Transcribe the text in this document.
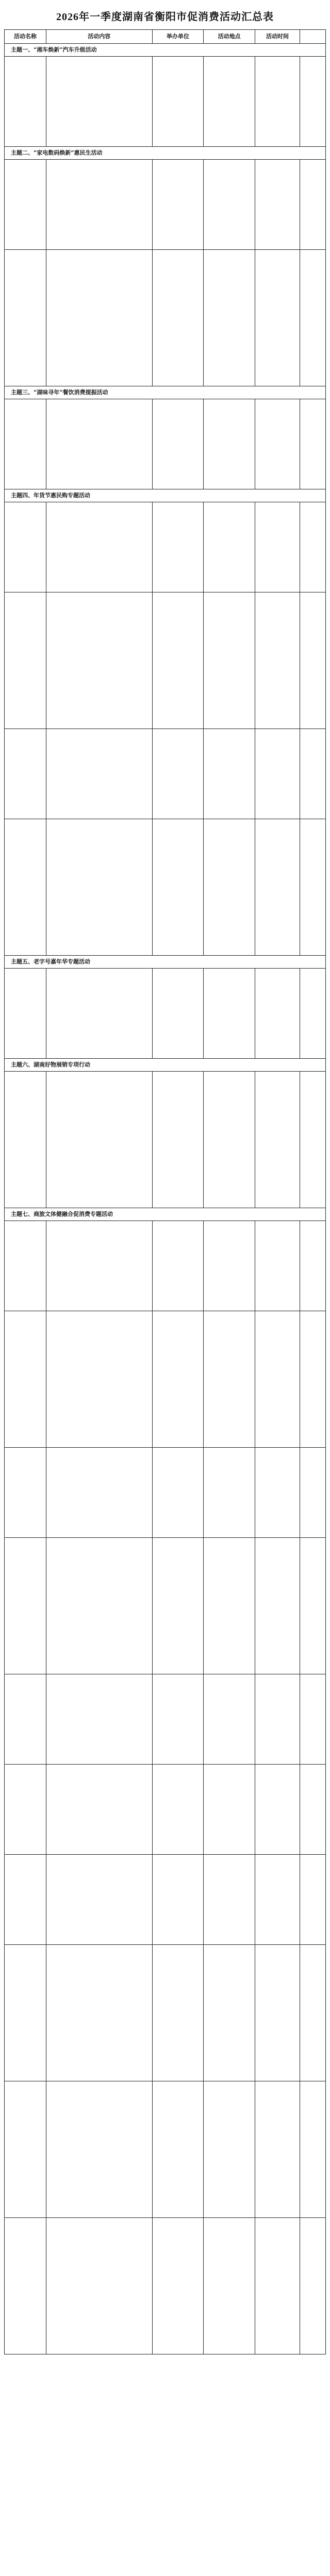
2026年一季度湖南省衡阳市促消费活动汇总表
活动名称	活动内容	举办单位	活动地点	活动时间	
主题一、“湘车焕新”汽车升级活动					

主题二、“家电数码焕新”惠民生活动					

主题三、“湖味寻年”餐饮消费提振活动					

主题四、年货节惠民购专题活动					

主题五、老字号嘉年华专题活动					

主题六、湖南好物展销专项行动					

主题七、商旅文体健融合促消费专题活动					
